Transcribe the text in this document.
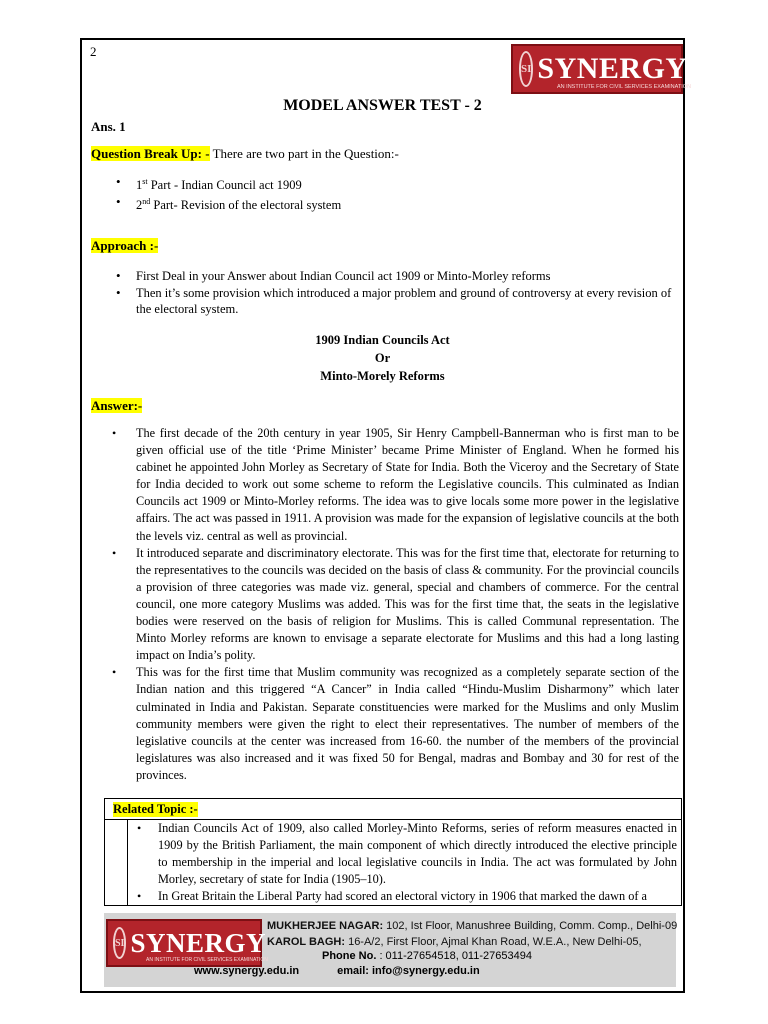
2
SI SYNERGY
AN INSTITUTE FOR CIVIL SERVICES EXAMINATION
MODEL ANSWER TEST - 2
Ans. 1
Question Break Up: - There are two part in the Question:-
• 1st Part - Indian Council act 1909
• 2nd Part- Revision of the electoral system
Approach :-
• First Deal in your Answer about Indian Council act 1909 or Minto-Morley reforms
• Then it’s some provision which introduced a major problem and ground of controversy at every revision of the electoral system.
1909 Indian Councils Act
Or
Minto-Morely Reforms
Answer:-
• The first decade of the 20th century in year 1905, Sir Henry Campbell-Bannerman who is first man to be given official use of the title ‘Prime Minister’ became Prime Minister of England. When he formed his cabinet he appointed John Morley as Secretary of State for India. Both the Viceroy and the Secretary of State for India decided to work out some scheme to reform the Legislative councils. This culminated as Indian Councils act 1909 or Minto-Morley reforms. The idea was to give locals some more power in the legislative affairs. The act was passed in 1911. A provision was made for the expansion of legislative councils at the both the levels viz. central as well as provincial.
• It introduced separate and discriminatory electorate. This was for the first time that, electorate for returning to the representatives to the councils was decided on the basis of class & community. For the provincial councils a provision of three categories was made viz. general, special and chambers of commerce. For the central council, one more category Muslims was added. This was for the first time that, the seats in the legislative bodies were reserved on the basis of religion for Muslims. This is called Communal representation. The Minto Morley reforms are known to envisage a separate electorate for Muslims and this had a long lasting impact on India’s polity.
• This was for the first time that Muslim community was recognized as a completely separate section of the Indian nation and this triggered “A Cancer” in India called “Hindu-Muslim Disharmony” which later culminated in India and Pakistan. Separate constituencies were marked for the Muslims and only Muslim community members were given the right to elect their representatives. The number of members of the legislative councils at the center was increased from 16-60. the number of the members of the provincial legislatures was also increased and it was fixed 50 for Bengal, madras and Bombay and 30 for rest of the provinces.
Related Topic :-
• Indian Councils Act of 1909, also called Morley-Minto Reforms, series of reform measures enacted in 1909 by the British Parliament, the main component of which directly introduced the elective principle to membership in the imperial and local legislative councils in India. The act was formulated by John Morley, secretary of state for India (1905–10).
• In Great Britain the Liberal Party had scored an electoral victory in 1906 that marked the dawn of a
SI SYNERGY
AN INSTITUTE FOR CIVIL SERVICES EXAMINATION
MUKHERJEE NAGAR: 102, Ist Floor, Manushree Building, Comm. Comp., Delhi-09
KAROL BAGH: 16-A/2, First Floor, Ajmal Khan Road, W.E.A., New Delhi-05,
Phone No. : 011-27654518, 011-27653494
www.synergy.edu.in	email: info@synergy.edu.in
